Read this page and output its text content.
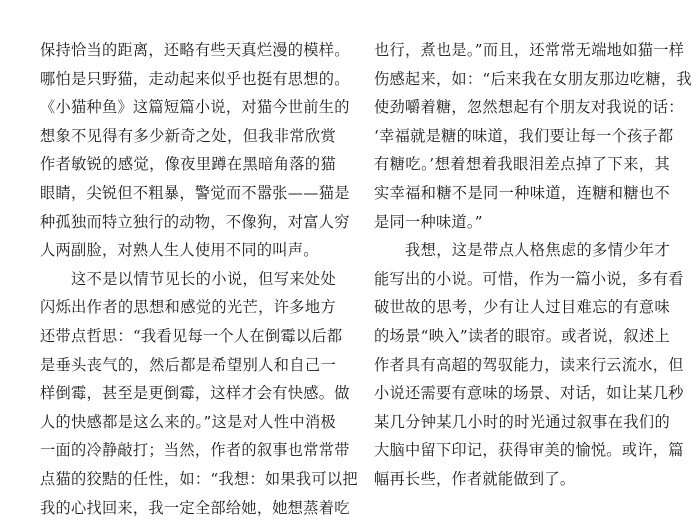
保持恰当的距离，还略有些天真烂漫的模样。
哪怕是只野猫，走动起来似乎也挺有思想的。
《小猫种鱼》这篇短篇小说，对猫今世前生的
想象不见得有多少新奇之处，但我非常欣赏
作者敏锐的感觉，像夜里蹲在黑暗角落的猫
眼睛，尖锐但不粗暴，警觉而不嚣张——猫是
种孤独而特立独行的动物，不像狗，对富人穷
人两副脸，对熟人生人使用不同的叫声。
这不是以情节见长的小说，但写来处处
闪烁出作者的思想和感觉的光芒，许多地方
还带点哲思：“我看见每一个人在倒霉以后都
是垂头丧气的，然后都是希望别人和自己一
样倒霉，甚至是更倒霉，这样才会有快感。做
人的快感都是这么来的。”这是对人性中消极
一面的冷静敲打；当然，作者的叙事也常常带
点猫的狡黠的任性，如：“我想：如果我可以把
我的心找回来，我一定全部给她，她想蒸着吃
也行，煮也是。”而且，还常常无端地如猫一样
伤感起来，如：“后来我在女朋友那边吃糖，我
使劲嚼着糖，忽然想起有个朋友对我说的话：
‘幸福就是糖的味道，我们要让每一个孩子都
有糖吃。’想着想着我眼泪差点掉了下来，其
实幸福和糖不是同一种味道，连糖和糖也不
是同一种味道。”
我想，这是带点人格焦虑的多情少年才
能写出的小说。可惜，作为一篇小说，多有看
破世故的思考，少有让人过目难忘的有意味
的场景“映入”读者的眼帘。或者说，叙述上
作者具有高超的驾驭能力，读来行云流水，但
小说还需要有意味的场景、对话，如让某几秒
某几分钟某几小时的时光通过叙事在我们的
大脑中留下印记，获得审美的愉悦。或许，篇
幅再长些，作者就能做到了。
